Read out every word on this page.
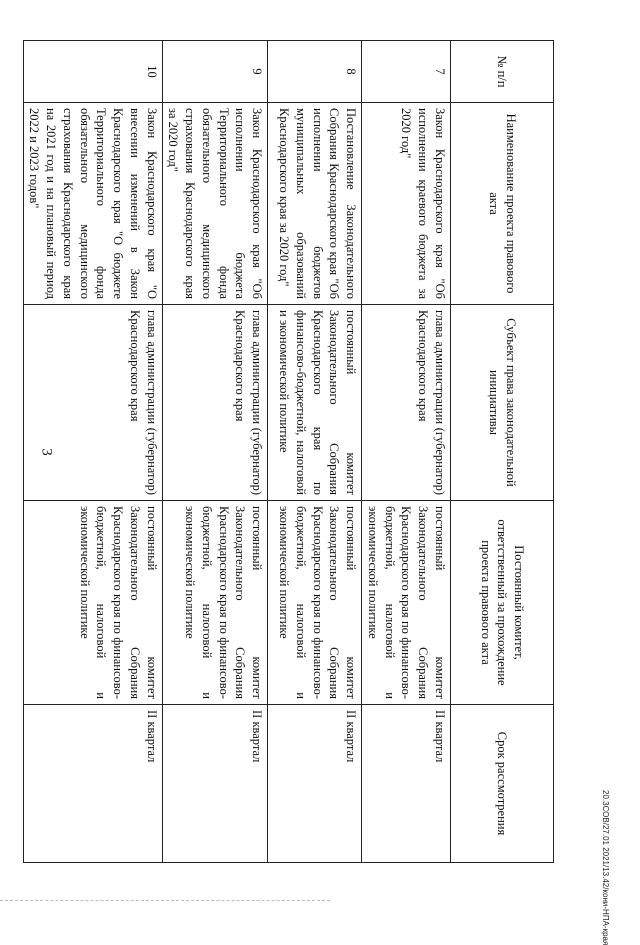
3
№ п/п	Наименование проекта правового акта	Субъект права законодательной инициативы	Постоянный комитет, ответственный за прохождение проекта правового акта	Срок рассмотрения
7	Закон Краснодарского края "Об исполнении краевого бюджета за 2020 год"	глава администрации (губернатор) Краснодарского края	постоянный комитет Законодательного Собрания Краснодарского края по финансово-бюджетной, налоговой и экономической политике	II квартал
8	Постановление Законодательного Собрания Краснодарского края "Об исполнении бюджетов муниципальных образований Краснодарского края за 2020 год"	постоянный комитет Законодательного Собрания Краснодарского края по финансово-бюджетной, налоговой и экономической политике	постоянный комитет Законодательного Собрания Краснодарского края по финансово-бюджетной, налоговой и экономической политике	II квартал
9	Закон Краснодарского края "Об исполнении бюджета Территориального фонда обязательного медицинского страхования Краснодарского края за 2020 год"	глава администрации (губернатор) Краснодарского края	постоянный комитет Законодательного Собрания Краснодарского края по финансово-бюджетной, налоговой и экономической политике	II квартал
10	Закон Краснодарского края "О внесении изменений в Закон Краснодарского края "О бюджете Территориального фонда обязательного медицинского страхования Краснодарского края на 2021 год и на плановый период 2022 и 2023 годов"	глава администрации (губернатор) Краснодарского края	постоянный комитет Законодательного Собрания Краснодарского края по финансово-бюджетной, налоговой и экономической политике	II квартал
20.3СОВ/27.01 2021/13.42/кони-НПА-края
